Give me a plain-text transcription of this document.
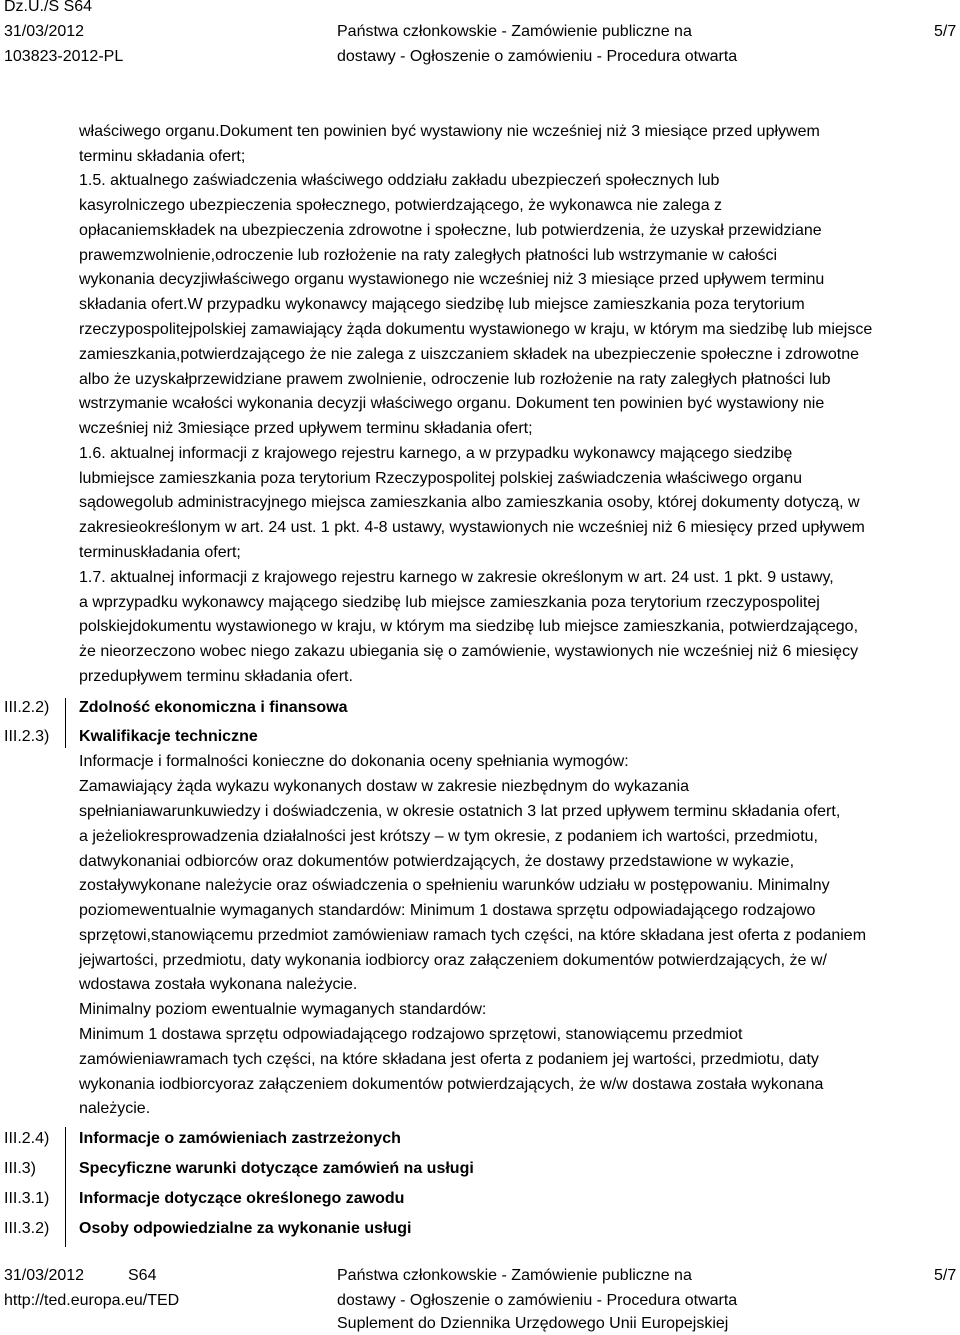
Dz.U./S S64
31/03/2012
103823-2012-PL
Państwa członkowskie - Zamówienie publiczne na
dostawy - Ogłoszenie o zamówieniu - Procedura otwarta
5/7
właściwego organu.Dokument ten powinien być wystawiony nie wcześniej niż 3 miesiące przed upływem
terminu składania ofert;
1.5. aktualnego zaświadczenia właściwego oddziału zakładu ubezpieczeń społecznych lub
kasyrolniczego ubezpieczenia społecznego, potwierdzającego, że wykonawca nie zalega z
opłacaniemskładek na ubezpieczenia zdrowotne i społeczne, lub potwierdzenia, że uzyskał przewidziane
prawemzwolnienie,odroczenie lub rozłożenie na raty zaległych płatności lub wstrzymanie w całości
wykonania decyzjiwłaściwego organu wystawionego nie wcześniej niż 3 miesiące przed upływem terminu
składania ofert.W przypadku wykonawcy mającego siedzibę lub miejsce zamieszkania poza terytorium
rzeczypospolitejpolskiej zamawiający żąda dokumentu wystawionego w kraju, w którym ma siedzibę lub miejsce
zamieszkania,potwierdzającego że nie zalega z uiszczaniem składek na ubezpieczenie społeczne i zdrowotne
albo że uzyskałprzewidziane prawem zwolnienie, odroczenie lub rozłożenie na raty zaległych płatności lub
wstrzymanie wcałości wykonania decyzji właściwego organu. Dokument ten powinien być wystawiony nie
wcześniej niż 3miesiące przed upływem terminu składania ofert;
1.6. aktualnej informacji z krajowego rejestru karnego, a w przypadku wykonawcy mającego siedzibę
lubmiejsce zamieszkania poza terytorium Rzeczypospolitej polskiej zaświadczenia właściwego organu
sądowegolub administracyjnego miejsca zamieszkania albo zamieszkania osoby, której dokumenty dotyczą, w
zakresieokreślonym w art. 24 ust. 1 pkt. 4-8 ustawy, wystawionych nie wcześniej niż 6 miesięcy przed upływem
terminuskładania ofert;
1.7. aktualnej informacji z krajowego rejestru karnego w zakresie określonym w art. 24 ust. 1 pkt. 9 ustawy,
a wprzypadku wykonawcy mającego siedzibę lub miejsce zamieszkania poza terytorium rzeczypospolitej
polskiejdokumentu wystawionego w kraju, w którym ma siedzibę lub miejsce zamieszkania, potwierdzającego,
że nieorzeczono wobec niego zakazu ubiegania się o zamówienie, wystawionych nie wcześniej niż 6 miesięcy
przedupływem terminu składania ofert.
III.2.2) Zdolność ekonomiczna i finansowa
III.2.3) Kwalifikacje techniczne
Informacje i formalności konieczne do dokonania oceny spełniania wymogów:
Zamawiający żąda wykazu wykonanych dostaw w zakresie niezbędnym do wykazania
spełnianiawarunkuwiedzy i doświadczenia, w okresie ostatnich 3 lat przed upływem terminu składania ofert,
a jeżeliokresprowadzenia działalności jest krótszy – w tym okresie, z podaniem ich wartości, przedmiotu,
datwykonaniai odbiorców oraz dokumentów potwierdzających, że dostawy przedstawione w wykazie,
zostaływykonane należycie oraz oświadczenia o spełnieniu warunków udziału w postępowaniu. Minimalny
poziomewentualnie wymaganych standardów: Minimum 1 dostawa sprzętu odpowiadającego rodzajowo
sprzętowi,stanowiącemu przedmiot zamówieniaw ramach tych części, na które składana jest oferta z podaniem
jejwartości, przedmiotu, daty wykonania iodbiorcy oraz załączeniem dokumentów potwierdzających, że w/
wdostawa została wykonana należycie.
Minimalny poziom ewentualnie wymaganych standardów:
Minimum 1 dostawa sprzętu odpowiadającego rodzajowo sprzętowi, stanowiącemu przedmiot
zamówieniawramach tych części, na które składana jest oferta z podaniem jej wartości, przedmiotu, daty
wykonania iodbiorcyoraz załączeniem dokumentów potwierdzających, że w/w dostawa została wykonana
należycie.
III.2.4) Informacje o zamówieniach zastrzeżonych
III.3)	Specyficzne warunki dotyczące zamówień na usługi
III.3.1) Informacje dotyczące określonego zawodu
III.3.2) Osoby odpowiedzialne za wykonanie usługi
31/03/2012	S64
http://ted.europa.eu/TED
Państwa członkowskie - Zamówienie publiczne na
dostawy - Ogłoszenie o zamówieniu - Procedura otwarta
Suplement do Dziennika Urzędowego Unii Europejskiej
5/7
